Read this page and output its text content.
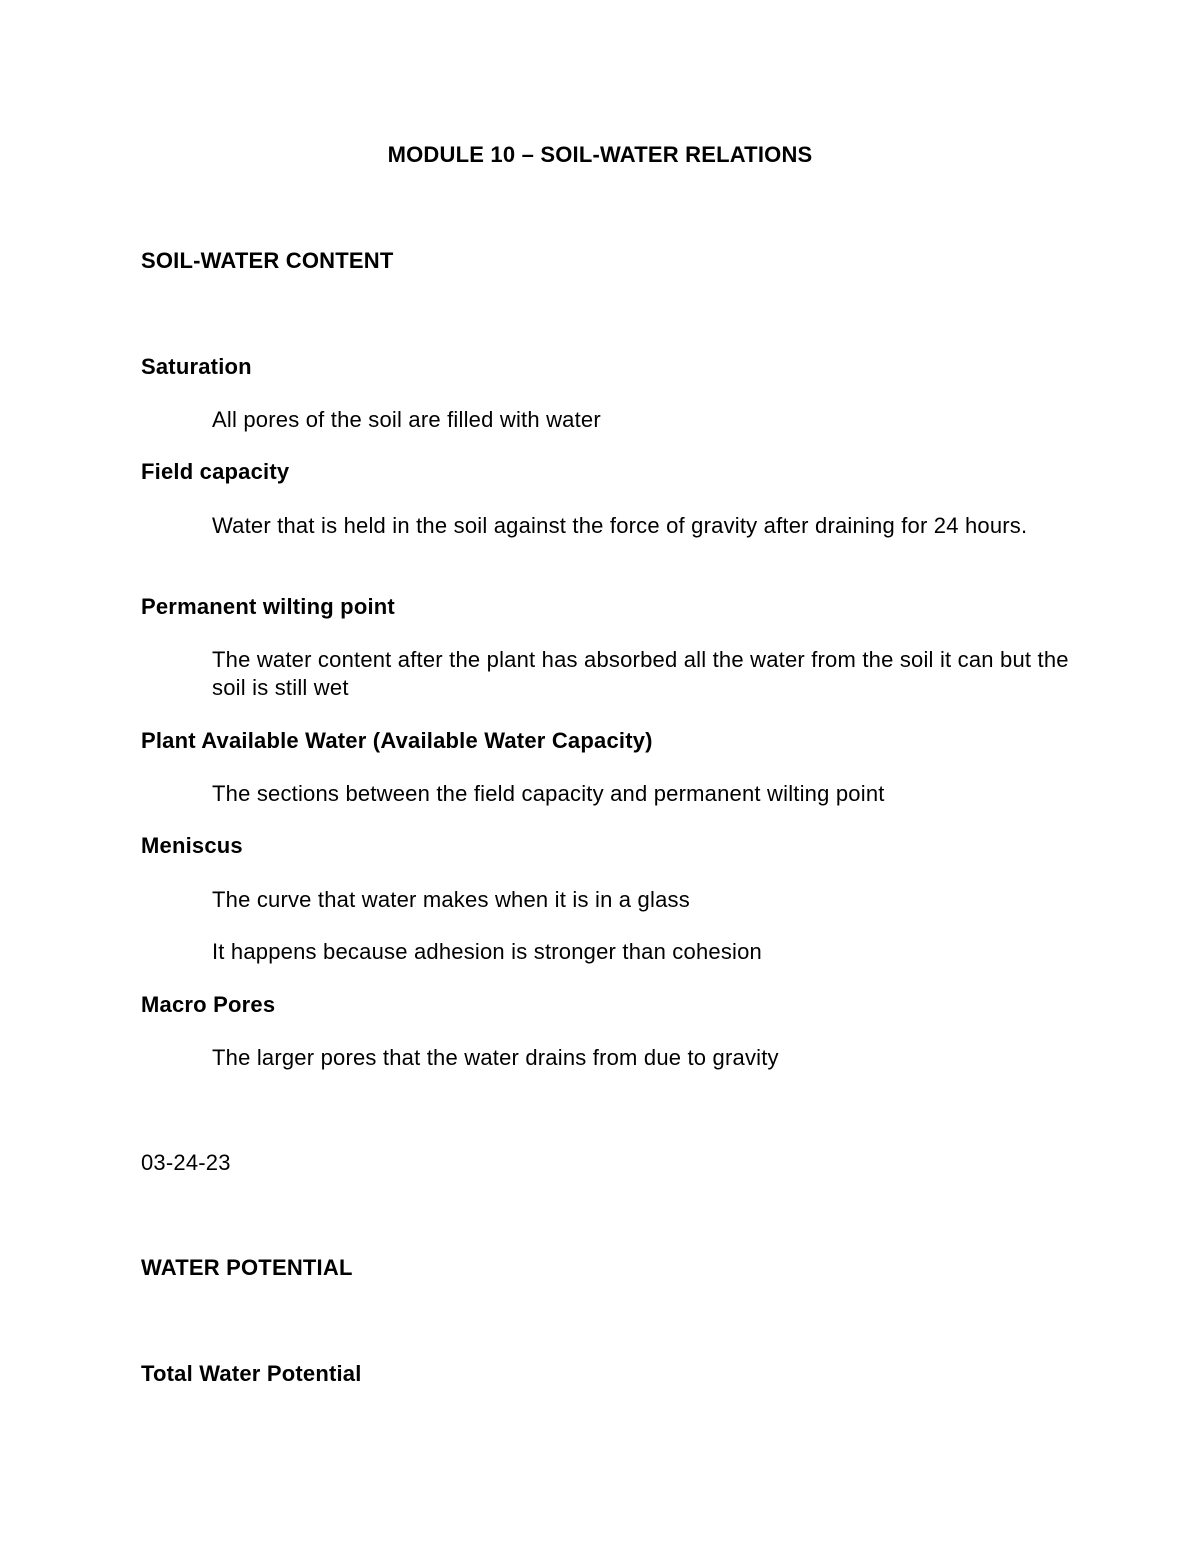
MODULE 10 – SOIL-WATER RELATIONS
SOIL-WATER CONTENT
Saturation
All pores of the soil are filled with water
Field capacity
Water that is held in the soil against the force of gravity after draining for 24 hours.
Permanent wilting point
The water content after the plant has absorbed all the water from the soil it can but the soil is still wet
Plant Available Water (Available Water Capacity)
The sections between the field capacity and permanent wilting point
Meniscus
The curve that water makes when it is in a glass
It happens because adhesion is stronger than cohesion
Macro Pores
The larger pores that the water drains from due to gravity
03-24-23
WATER POTENTIAL
Total Water Potential
